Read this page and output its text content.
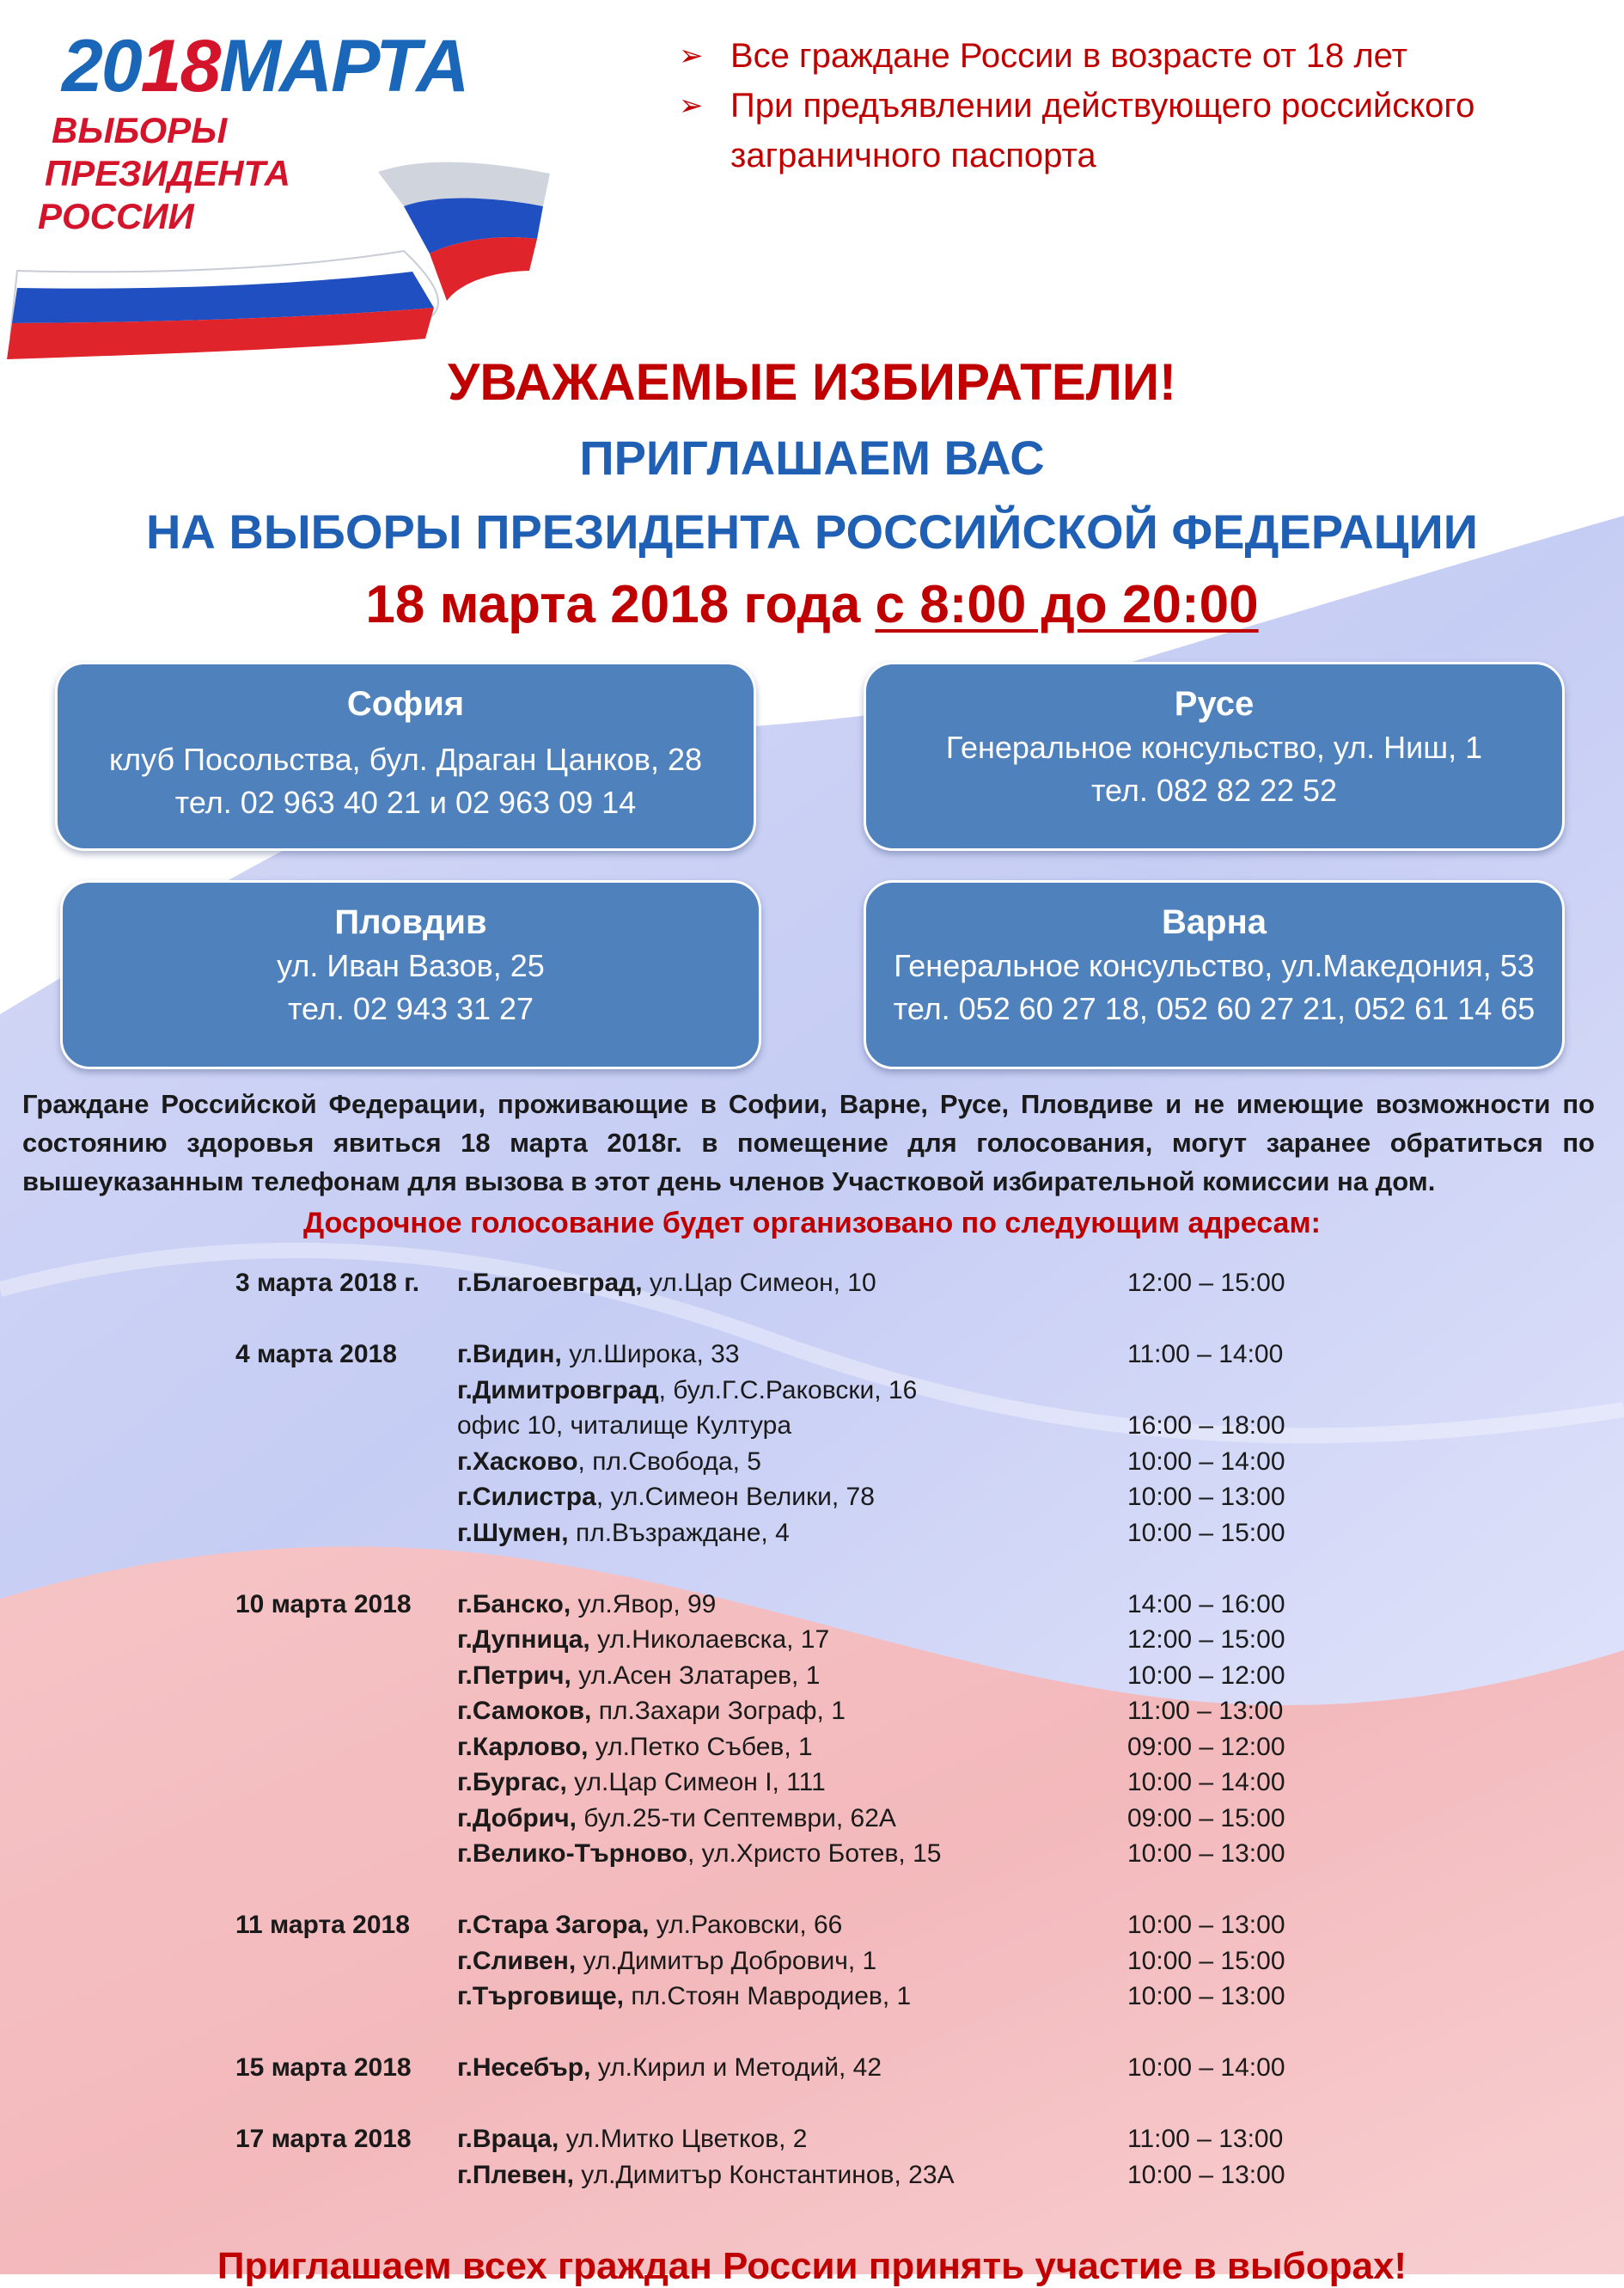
2018МАРТА
ВЫБОРЫ
ПРЕЗИДЕНТА
РОССИИ
➢ Все граждане России в возрасте от 18 лет
➢ При предъявлении действующего российского заграничного паспорта
УВАЖАЕМЫЕ ИЗБИРАТЕЛИ!
ПРИГЛАШАЕМ ВАС
НА ВЫБОРЫ ПРЕЗИДЕНТА РОССИЙСКОЙ ФЕДЕРАЦИИ
18 марта 2018 года с 8:00 до 20:00
София
клуб Посольства, бул. Драган Цанков, 28
тел. 02 963 40 21 и 02 963 09 14
Русе
Генеральное консульство, ул. Ниш, 1
тел. 082 82 22 52
Пловдив
ул. Иван Вазов, 25
тел. 02 943 31 27
Варна
Генеральное консульство, ул.Македония, 53
тел. 052 60 27 18, 052 60 27 21, 052 61 14 65
Граждане Российской Федерации, проживающие в Софии, Варне, Русе, Пловдиве и не имеющие возможности по состоянию здоровья явиться 18 марта 2018г. в помещение для голосования, могут заранее обратиться по вышеуказанным телефонам для вызова в этот день членов Участковой избирательной комиссии на дом.
Досрочное голосование будет организовано по следующим адресам:
3 марта 2018 г. г.Благоевград, ул.Цар Симеон, 10	12:00 – 15:00
4 марта 2018 г.Видин, ул.Широка, 33	11:00 – 14:00
г.Димитровград, бул.Г.С.Раковски, 16
офис 10, читалище Култура	16:00 – 18:00
г.Хасково, пл.Свобода, 5	10:00 – 14:00
г.Силистра, ул.Симеон Велики, 78	10:00 – 13:00
г.Шумен, пл.Възраждане, 4	10:00 – 15:00
10 марта 2018 г.Банско, ул.Явор, 99	14:00 – 16:00
г.Дупница, ул.Николаевска, 17	12:00 – 15:00
г.Петрич, ул.Асен Златарев, 1	10:00 – 12:00
г.Самоков, пл.Захари Зограф, 1	11:00 – 13:00
г.Карлово, ул.Петко Събев, 1	09:00 – 12:00
г.Бургас, ул.Цар Симеон I, 111	10:00 – 14:00
г.Добрич, бул.25-ти Септември, 62А	09:00 – 15:00
г.Велико-Търново, ул.Христо Ботев, 15	10:00 – 13:00
11 марта 2018 г.Стара Загора, ул.Раковски, 66	10:00 – 13:00
г.Сливен, ул.Димитър Добрович, 1	10:00 – 15:00
г.Търговище, пл.Стоян Мавродиев, 1	10:00 – 13:00
15 марта 2018 г.Несебър, ул.Кирил и Методий, 42	10:00 – 14:00
17 марта 2018 г.Враца, ул.Митко Цветков, 2	11:00 – 13:00
г.Плевен, ул.Димитър Константинов, 23А	10:00 – 13:00
Приглашаем всех граждан России принять участие в выборах!
